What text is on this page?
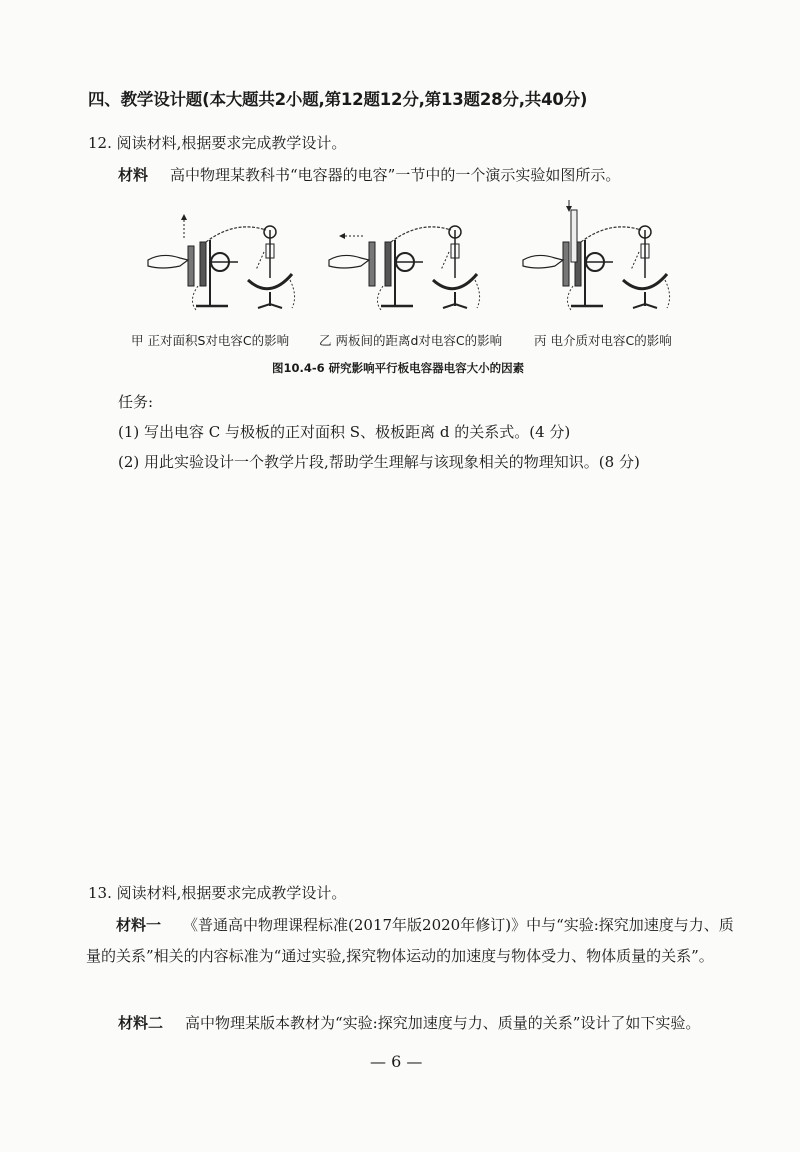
四、教学设计题(本大题共2小题,第12题12分,第13题28分,共40分)
12. 阅读材料,根据要求完成教学设计。
材料 高中物理某教科书“电容器的电容”一节中的一个演示实验如图所示。
甲 正对面积S对电容C的影响 乙 两板间的距离d对电容C的影响	丙 电介质对电容C的影响
图10.4-6 研究影响平行板电容器电容大小的因素
任务:
(1) 写出电容 C 与极板的正对面积 S、极板距离 d 的关系式。(4 分)
(2) 用此实验设计一个教学片段,帮助学生理解与该现象相关的物理知识。(8 分)
13. 阅读材料,根据要求完成教学设计。
材料一 《普通高中物理课程标准(2017年版2020年修订)》中与“实验:探究加速度与力、质量的关系”相关的内容标准为“通过实验,探究物体运动的加速度与物体受力、物体质量的关系”。
材料二 高中物理某版本教材为“实验:探究加速度与力、质量的关系”设计了如下实验。
— 6 —
